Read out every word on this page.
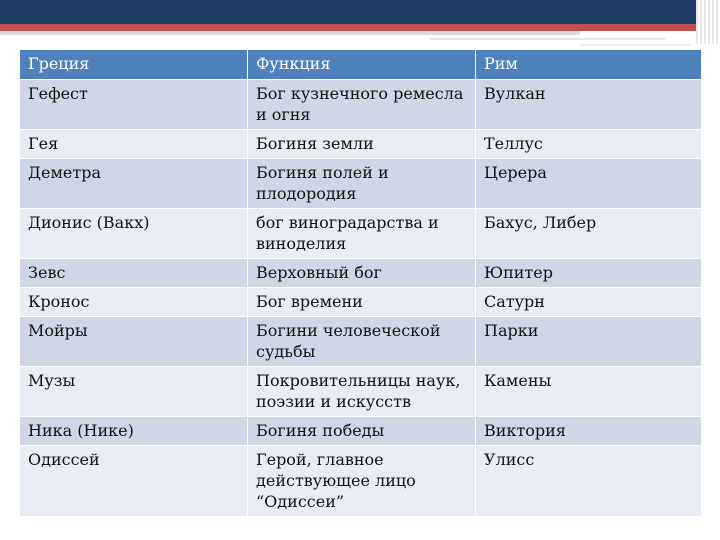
Греция	Функция	Рим
Гефест	Бог кузнечного ремесла и огня	Вулкан
Гея	Богиня земли	Теллус
Деметра	Богиня полей и плодородия	Церера
Дионис (Вакх)	бог виноградарства и виноделия	Бахус, Либер
Зевс	Верховный бог	Юпитер
Кронос	Бог времени	Сатурн
Мойры	Богини человеческой судьбы	Парки
Музы	Покровительницы наук, поэзии и искусств	Камены
Ника (Нике)	Богиня победы	Виктория
Одиссей	Герой, главное действующее лицо “Одиссеи”	Улисс
